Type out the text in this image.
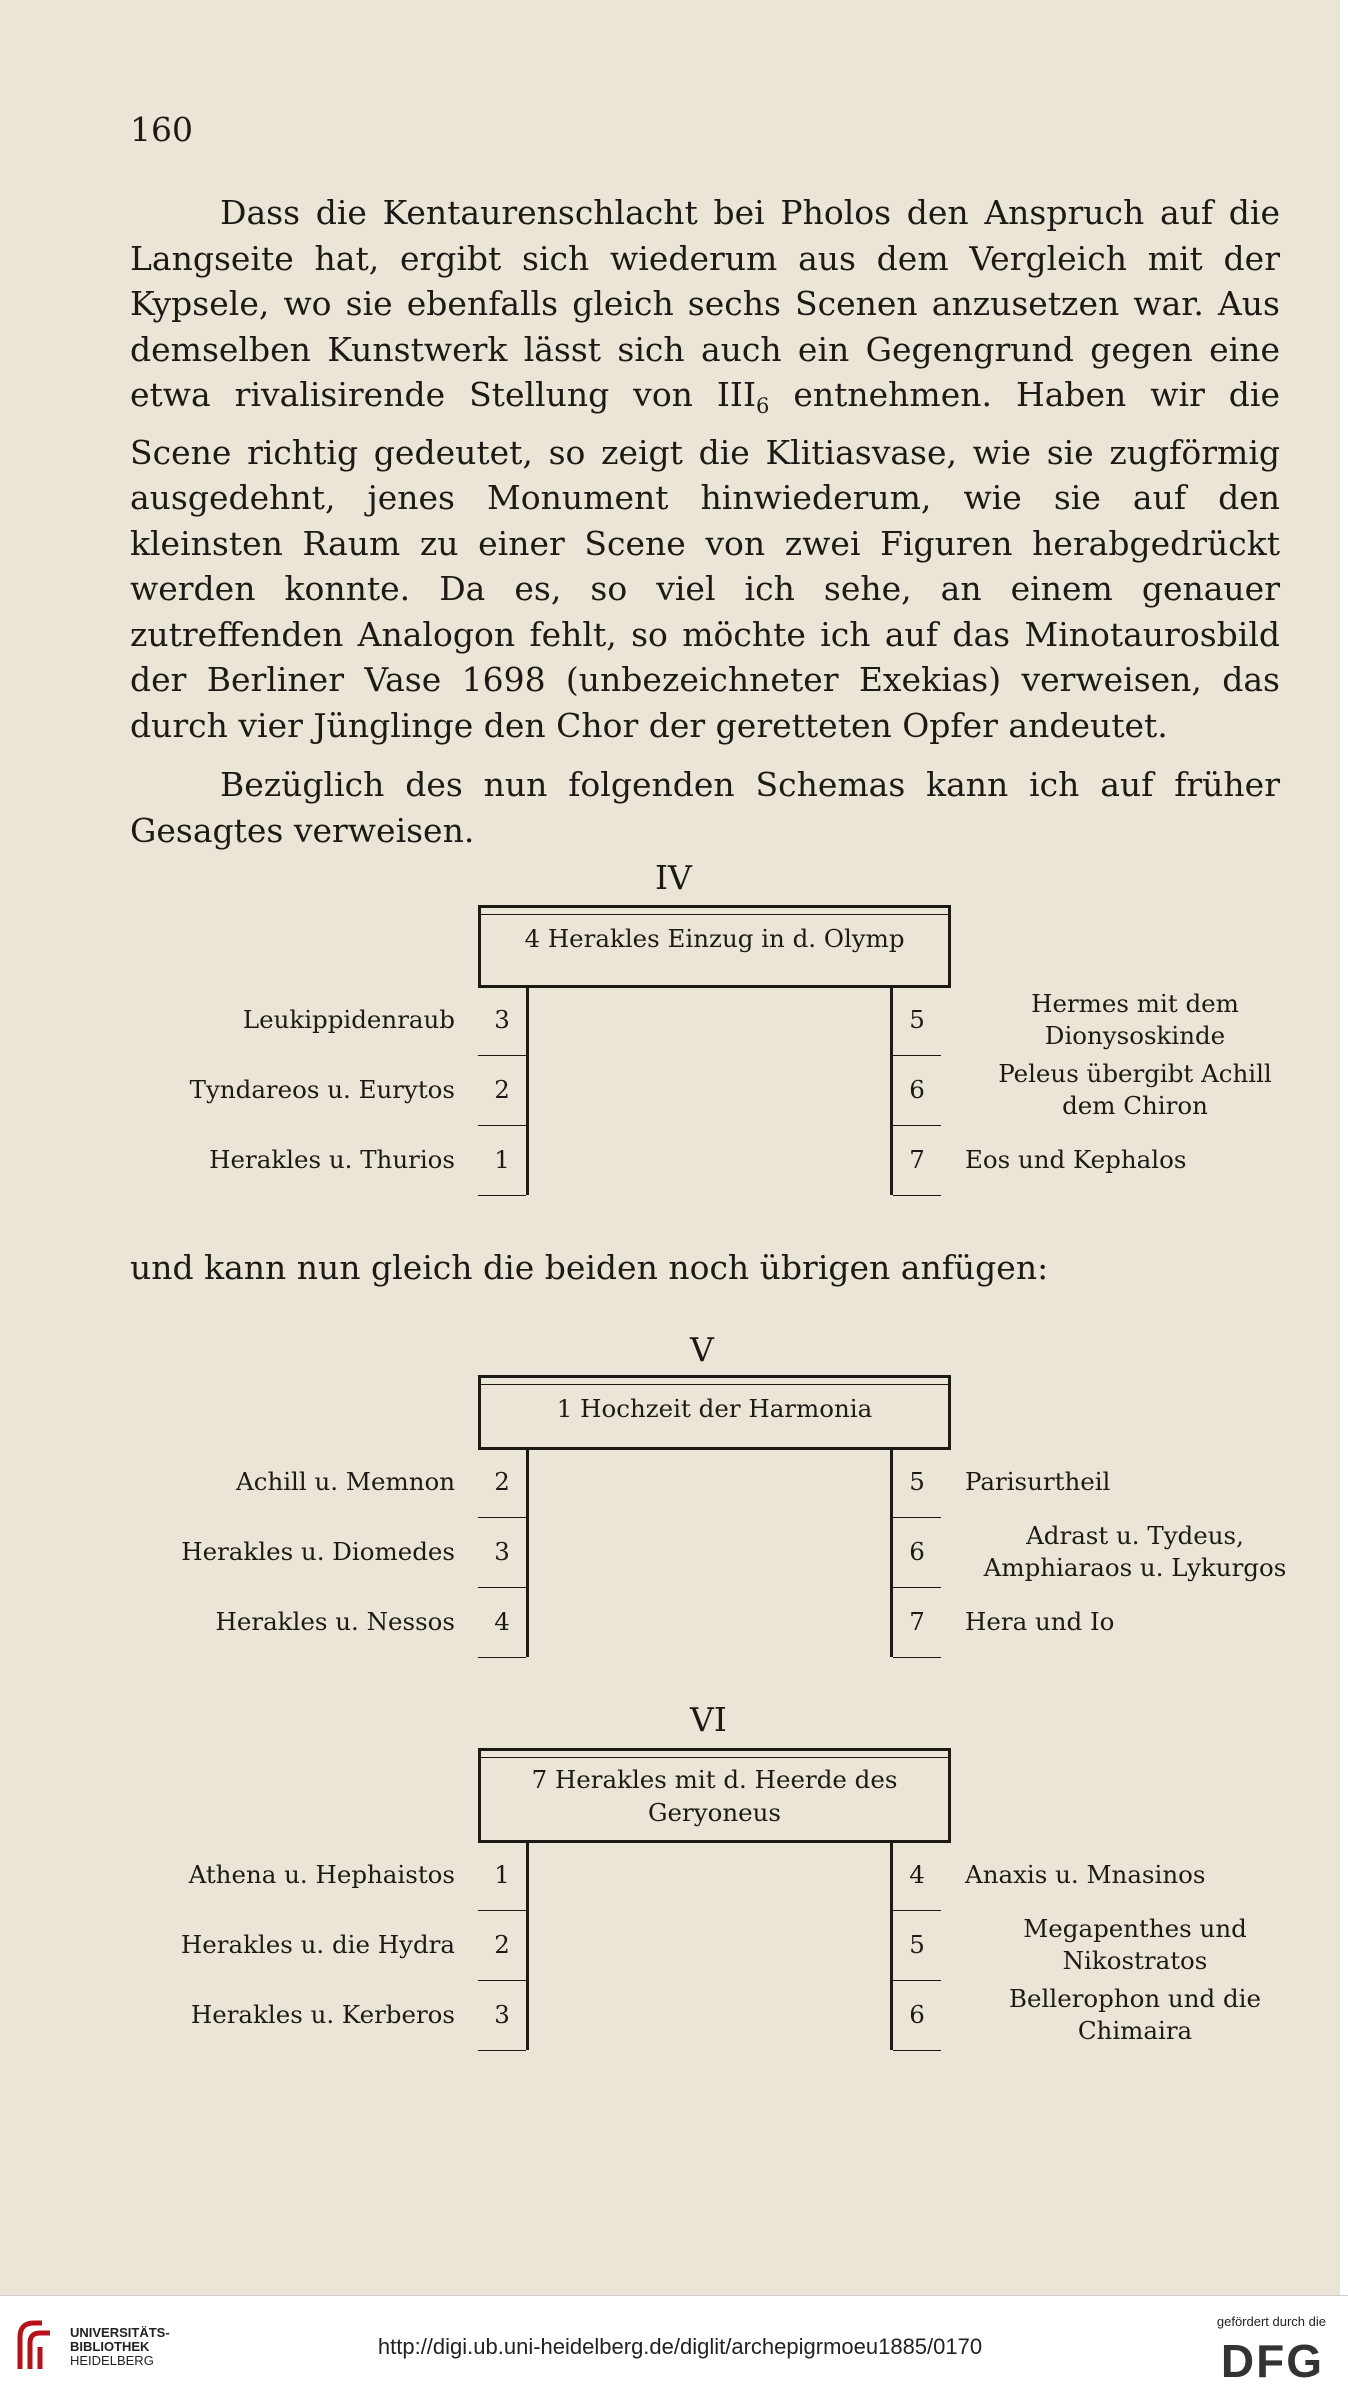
160

Dass die Kentaurenschlacht bei Pholos den Anspruch auf die Langseite hat, ergibt sich wiederum aus dem Vergleich mit der Kypsele, wo sie ebenfalls gleich sechs Scenen anzusetzen war. Aus demselben Kunstwerk lässt sich auch ein Gegengrund gegen eine etwa rivalisirende Stellung von $III_6$ entnehmen. Haben wir die Scene richtig gedeutet, so zeigt die Klitiasvase, wie sie zugförmig ausgedehnt, jenes Monument hinwiederum, wie sie auf den kleinsten Raum zu einer Scene von zwei Figuren herabgedrückt werden konnte. Da es, so viel ich sehe, an einem genauer zutreffenden Analogon fehlt, so möchte ich auf das Minotaurosbild der Berliner Vase 1698 (unbezeichneter Exekias) verweisen, das durch vier Jünglinge den Chor der geretteten Opfer andeutet.

Bezüglich des nun folgenden Schemas kann ich auf früher Gesagtes verweisen.

IV
4 Herakles Einzug in d. Olymp
3
2
1
5
6
7
Leukippidenraub
Tyndareos u. Eurytos
Herakles u. Thurios
Hermes mit dem
Dionysoskinde
Peleus übergibt Achill
dem Chiron
Eos und Kephalos

und kann nun gleich die beiden noch übrigen anfügen:

V
1 Hochzeit der Harmonia
2
3
4
5
6
7
Achill u. Memnon
Herakles u. Diomedes
Herakles u. Nessos
Parisurtheil
Adrast u. Tydeus,
Amphiaraos u. Lykurgos
Hera und Io
VI
7 Herakles mit d. Heerde des
Geryoneus
1
2
3
4
5
6
Athena u. Hephaistos
Herakles u. die Hydra
Herakles u. Kerberos
Anaxis u. Mnasinos
Megapenthes und
Nikostratos
Bellerophon und die
Chimaira
UNIVERSITÄTS-
BIBLIOTHEK
HEIDELBERG
http://digi.ub.uni-heidelberg.de/diglit/archepigrmoeu1885/0170
gefördert durch die
DFG
